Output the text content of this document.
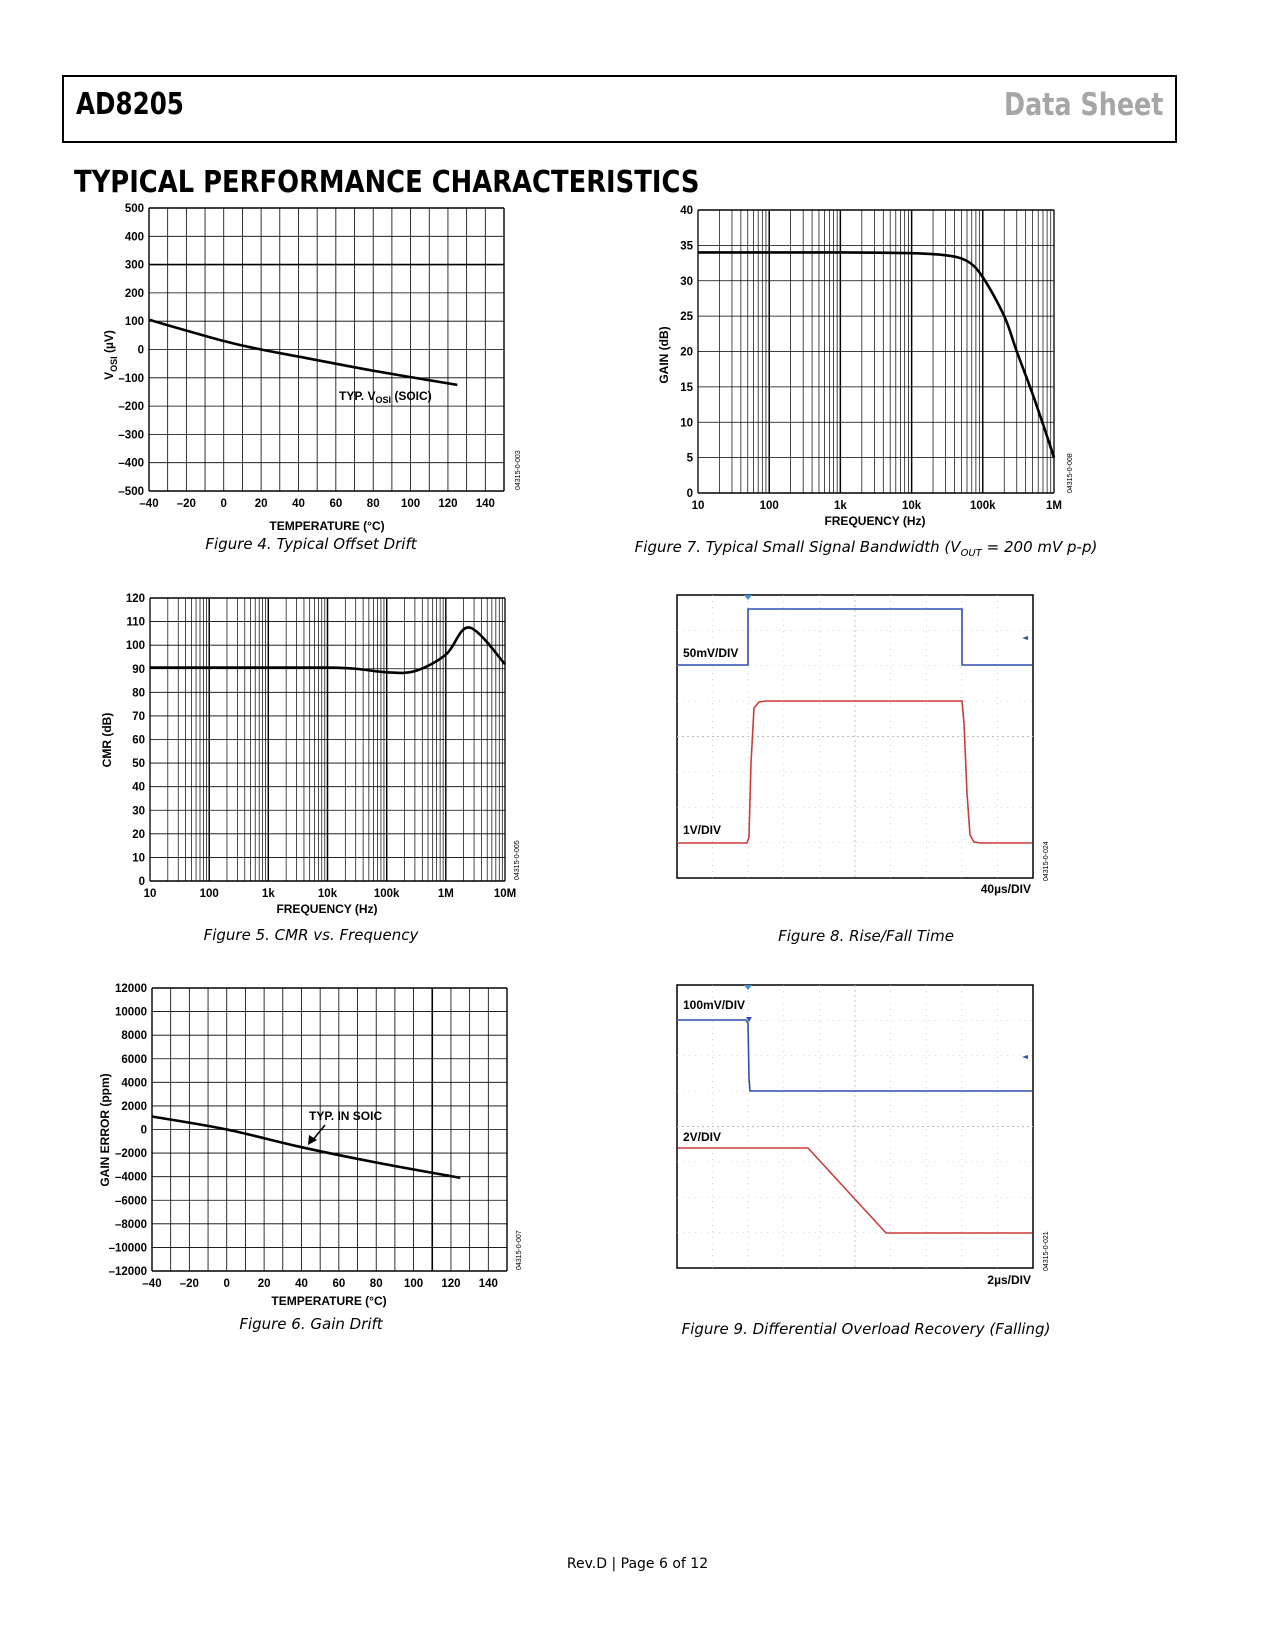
AD8205	Data Sheet
TYPICAL PERFORMANCE CHARACTERISTICS
$V_{OSI}$ (µV)
TEMPERATURE (°C)
04315-0-003
TYP. $V_{OSI}$ (SOIC)
500
400
300
200
100
0
–100
–200
–300
–400
–500
–40 –20 0 20 40 60 80 100 120 140
Figure 4. Typical Offset Drift
CMR (dB)
FREQUENCY (Hz)
04315-0-005
120
110
100
90
80
70
60
50
40
30
20
10
0
10	100	1k	10k	100k	1M	10M
Figure 5. CMR vs. Frequency
GAIN ERROR (ppm)
TEMPERATURE (°C)
04315-0-007
TYP. IN SOIC
12000
10000
8000
6000
4000
2000
0
–2000
–4000
–6000
–8000
–10000
–12000
–40 –20 0 20 40 60 80 100 120 140
Figure 6. Gain Drift
GAIN (dB)
FREQUENCY (Hz)
04315-0-008
40
35
30
25
20
15
10
5
0
10	100	1k	10k	100k	1M
Figure 7. Typical Small Signal Bandwidth ($V_{OUT} = 200$ mV p-p)
50mV/DIV
1V/DIV
40µs/DIV
04315-0-024
Figure 8. Rise/Fall Time
100mV/DIV
2V/DIV
2µs/DIV
04315-0-021
Figure 9. Differential Overload Recovery (Falling)
Rev.D | Page 6 of 12
